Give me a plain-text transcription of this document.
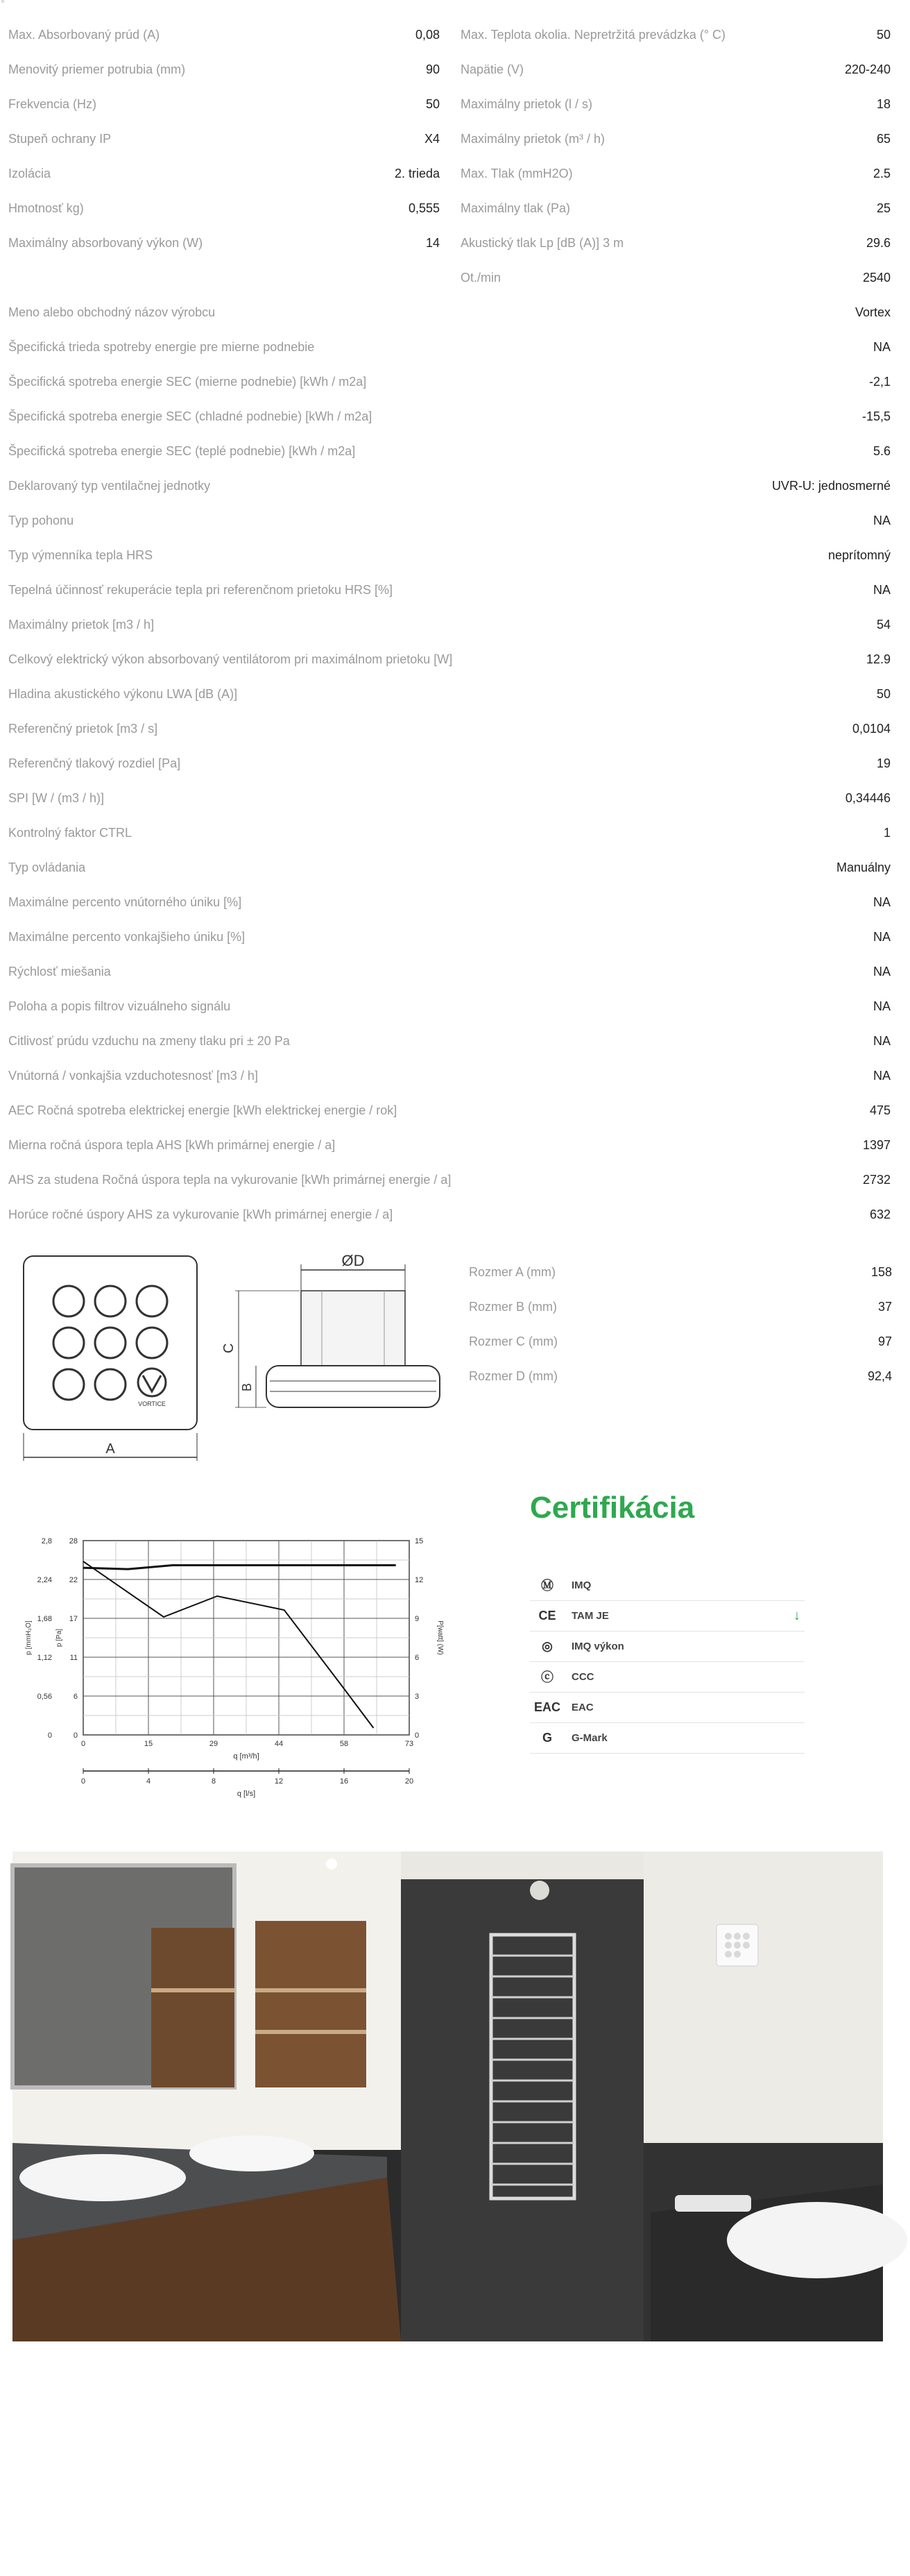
Max. Absorbovaný prúd (A)	0,08
Menovitý priemer potrubia (mm)	90
Frekvencia (Hz)	50
Stupeň ochrany IP	X4
Izolácia	2. trieda
Hmotnosť kg)	0,555
Maximálny absorbovaný výkon (W)	14
Max. Teplota okolia. Nepretržitá prevádzka (° C)	50
Napätie (V)	220-240
Maximálny prietok (l / s)	18
Maximálny prietok (m³ / h)	65
Max. Tlak (mmH2O)	2.5
Maximálny tlak (Pa)	25
Akustický tlak Lp [dB (A)] 3 m	29.6
Ot./min	2540
Meno alebo obchodný názov výrobcu	Vortex
Špecifická trieda spotreby energie pre mierne podnebie	NA
Špecifická spotreba energie SEC (mierne podnebie) [kWh / m2a]	-2,1
Špecifická spotreba energie SEC (chladné podnebie) [kWh / m2a]	-15,5
Špecifická spotreba energie SEC (teplé podnebie) [kWh / m2a]	5.6
Deklarovaný typ ventilačnej jednotky	UVR-U: jednosmerné
Typ pohonu	NA
Typ výmenníka tepla HRS	neprítomný
Tepelná účinnosť rekuperácie tepla pri referenčnom prietoku HRS [%]	NA
Maximálny prietok [m3 / h]	54
Celkový elektrický výkon absorbovaný ventilátorom pri maximálnom prietoku [W]	12.9
Hladina akustického výkonu LWA [dB (A)]	50
Referenčný prietok [m3 / s]	0,0104
Referenčný tlakový rozdiel [Pa]	19
SPI [W / (m3 / h)]	0,34446
Kontrolný faktor CTRL	1
Typ ovládania	Manuálny
Maximálne percento vnútorného úniku [%]	NA
Maximálne percento vonkajšieho úniku [%]	NA
Rýchlosť miešania	NA
Poloha a popis filtrov vizuálneho signálu	NA
Citlivosť prúdu vzduchu na zmeny tlaku pri ± 20 Pa	NA
Vnútorná / vonkajšia vzduchotesnosť [m3 / h]	NA
AEC Ročná spotreba elektrickej energie [kWh elektrickej energie / rok]	475
Mierna ročná úspora tepla AHS [kWh primárnej energie / a]	1397
AHS za studena Ročná úspora tepla na vykurovanie [kWh primárnej energie / a]	2732
Horúce ročné úspory AHS za vykurovanie [kWh primárnej energie / a]	632
VORTICE
A
ØD
C
B
Rozmer A (mm)	158
Rozmer B (mm)	37
Rozmer C (mm)	97
Rozmer D (mm)	92,4
28
22
17
11
6
0
2,8
2,24
1,68
1,12
0,56
0
15
12
9
6
3
0
0	15	29	44	58	73
q [m³/h]
0	4	8	12	16	20
q [l/s]
p [mmH₂O]	p [Pa]	P[watt] (W)
Certifikácia
Ⓜ	IMQ
CE	TAM JE	↓
◎	IMQ výkon
ⓒ	CCC
EAC	EAC
G	G-Mark
